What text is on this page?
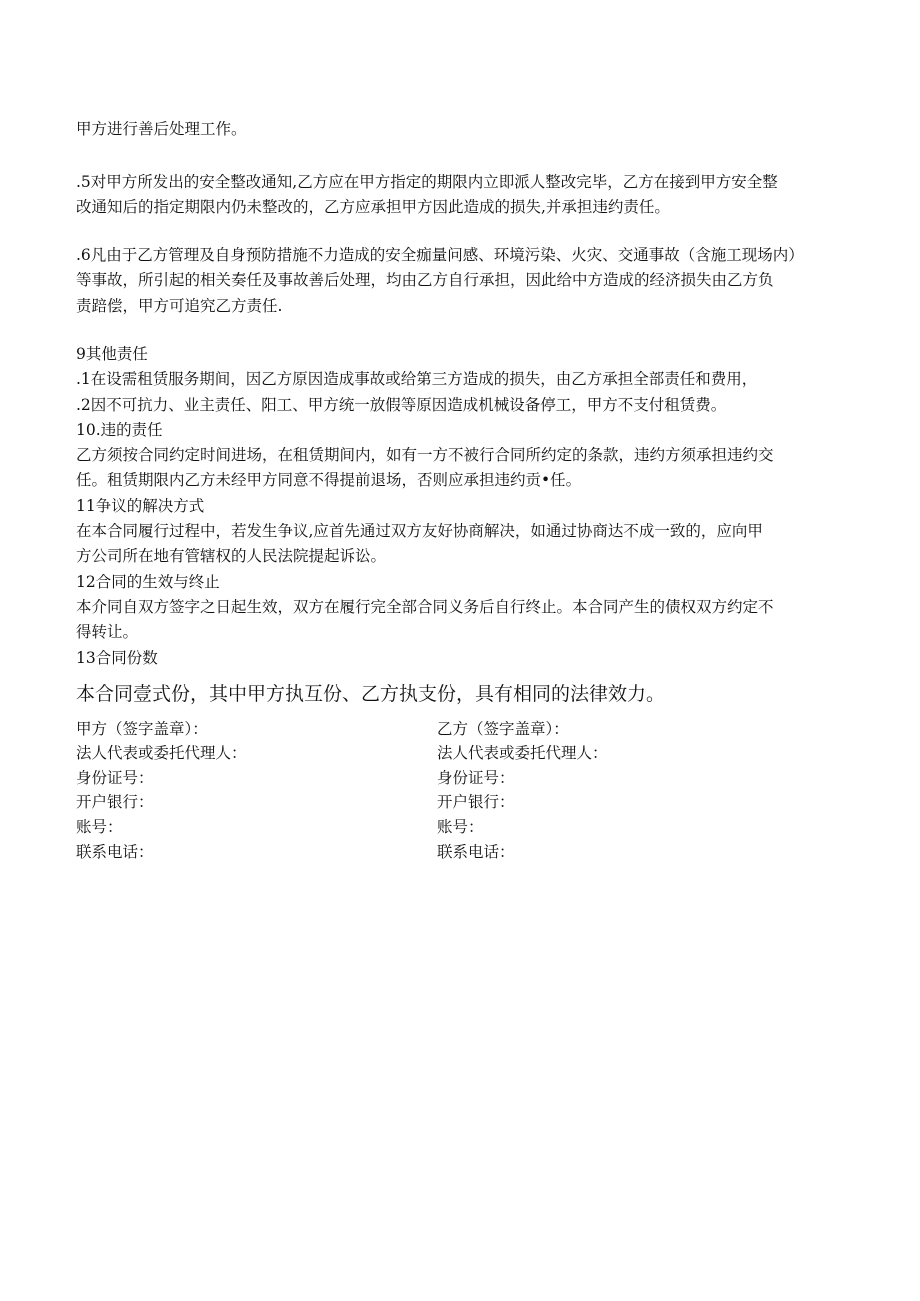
甲方进行善后处理工作。
.5对甲方所发出的安全整改通知,乙方应在甲方指定的期限内立即派人整改完毕，乙方在接到甲方安全整
改通知后的指定期限内仍未整改的，乙方应承担甲方因此造成的损失,并承担违约责任。
.6凡由于乙方管理及自身预防措施不力造成的安全痂量问感、环境污染、火灾、交通事故（含施工现场内）
等事故，所引起的相关奏任及事故善后处理，均由乙方自行承担，因此给中方造成的经济损失由乙方负
责踣偿，甲方可追究乙方责任.
9其他责任
.1在设需租赁服务期间，因乙方原因造成事故或给第三方造成的损失，由乙方承担全部责任和费用，
.2因不可抗力、业主责任、阳工、甲方统一放假等原因造成机械设备停工，甲方不支付租赁费。
10.违的责任
乙方须按合同约定时间进场，在租赁期间内，如有一方不被行合同所约定的条款，违约方须承担违约交
任。租赁期限内乙方未经甲方同意不得提前退场，否则应承担违约贡•任。
11争议的解决方式
在本合同履行过程中，若发生争议,应首先通过双方友好协商解决，如通过协商达不成一致的，应向甲
方公司所在地有管辖权的人民法院提起诉讼。
12合同的生效与终止
本介同自双方签字之日起生效，双方在履行完全部合同义务后自行终止。本合同产生的债权双方约定不
得转让。
13合同份数
本合同壹式份，其中甲方执互份、乙方执支份，具有相同的法律效力。
甲方（签字盖章）：
法人代表或委托代理人：
身份证号：
开户银行：
账号：
联系电话：
乙方（签字盖章）：
法人代表或委托代理人：
身份证号：
开户银行：
账号：
联系电话：
